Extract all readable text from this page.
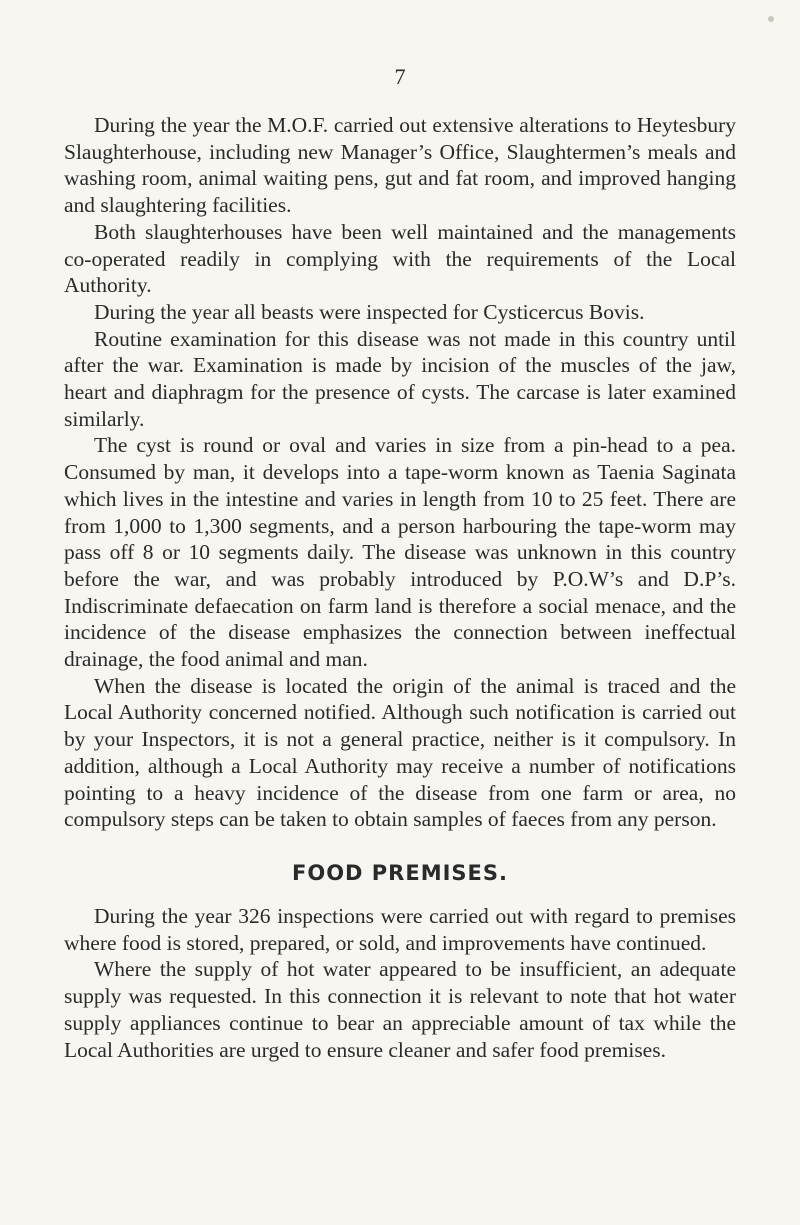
7

During the year the M.O.F. carried out extensive alterations to Heytesbury Slaughterhouse, including new Manager’s Office, Slaughtermen’s meals and washing room, animal waiting pens, gut and fat room, and improved hanging and slaughtering facilities.

Both slaughterhouses have been well maintained and the managements co-operated readily in complying with the requirements of the Local Authority.

During the year all beasts were inspected for Cysticercus Bovis.

Routine examination for this disease was not made in this country until after the war. Examination is made by incision of the muscles of the jaw, heart and diaphragm for the presence of cysts. The carcase is later examined similarly.

The cyst is round or oval and varies in size from a pin-head to a pea. Consumed by man, it develops into a tape-worm known as Taenia Saginata which lives in the intestine and varies in length from 10 to 25 feet. There are from 1,000 to 1,300 segments, and a person harbouring the tape-worm may pass off 8 or 10 segments daily. The disease was unknown in this country before the war, and was probably introduced by P.O.W’s and D.P’s. Indiscriminate defaecation on farm land is therefore a social menace, and the incidence of the disease emphasizes the connection between ineffectual drainage, the food animal and man.

When the disease is located the origin of the animal is traced and the Local Authority concerned notified. Although such notification is carried out by your Inspectors, it is not a general practice, neither is it compulsory. In addition, although a Local Authority may receive a number of notifications pointing to a heavy incidence of the disease from one farm or area, no compulsory steps can be taken to obtain samples of faeces from any person.

FOOD PREMISES.

During the year 326 inspections were carried out with regard to premises where food is stored, prepared, or sold, and improvements have continued.

Where the supply of hot water appeared to be insufficient, an adequate supply was requested. In this connection it is relevant to note that hot water supply appliances continue to bear an appreciable amount of tax while the Local Authorities are urged to ensure cleaner and safer food premises.
